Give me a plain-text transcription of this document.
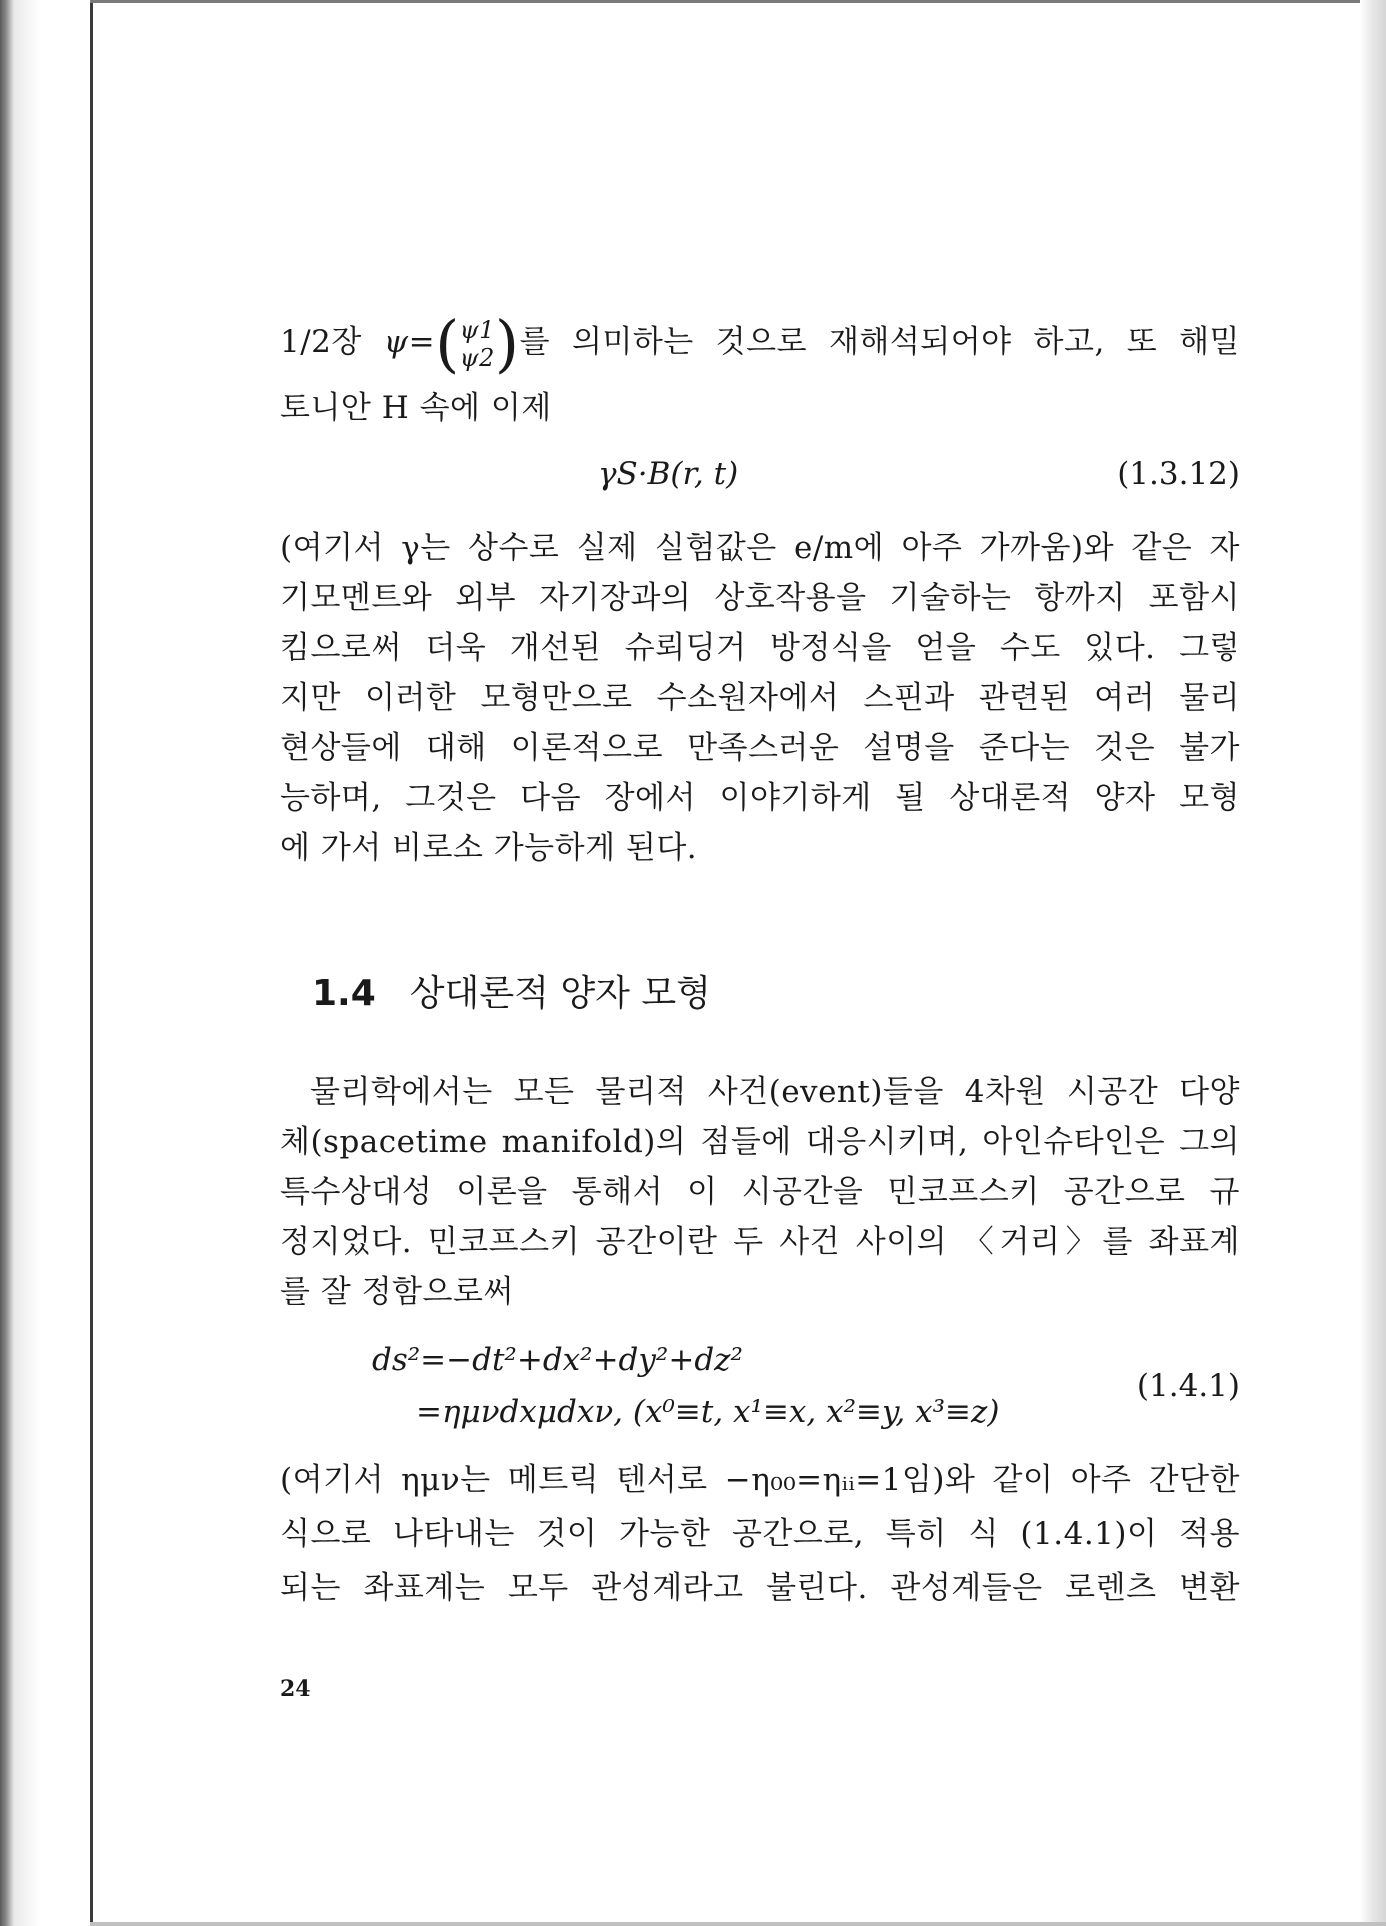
1/2장 ψ= ( ψ1
ψ2 ) 를 의미하는 것으로 재해석되어야 하고, 또 해밀
토니안 H 속에 이제
γS·B(r, t)	(1.3.12)
(여기서 γ는 상수로 실제 실험값은 e/m에 아주 가까움)와 같은 자
기모멘트와 외부 자기장과의 상호작용을 기술하는 항까지 포함시
킴으로써 더욱 개선된 슈뢰딩거 방정식을 얻을 수도 있다. 그렇
지만 이러한 모형만으로 수소원자에서 스핀과 관련된 여러 물리
현상들에 대해 이론적으로 만족스러운 설명을 준다는 것은 불가
능하며, 그것은 다음 장에서 이야기하게 될 상대론적 양자 모형
에 가서 비로소 가능하게 된다.
1.4 상대론적 양자 모형
물리학에서는 모든 물리적 사건(event)들을 4차원 시공간 다양
체(spacetime manifold)의 점들에 대응시키며, 아인슈타인은 그의
특수상대성 이론을 통해서 이 시공간을 민코프스키 공간으로 규
정지었다. 민코프스키 공간이란 두 사건 사이의 〈거리〉를 좌표계
를 잘 정함으로써
ds²=−dt²+dx²+dy²+dz²
=ημνdxμdxν, (x⁰≡t, x¹≡x, x²≡y, x³≡z)
(1.4.1)
(여기서 ημν는 메트릭 텐서로 −η₀₀=ηᵢᵢ=1임)와 같이 아주 간단한
식으로 나타내는 것이 가능한 공간으로, 특히 식 (1.4.1)이 적용
되는 좌표계는 모두 관성계라고 불린다. 관성계들은 로렌츠 변환
24
